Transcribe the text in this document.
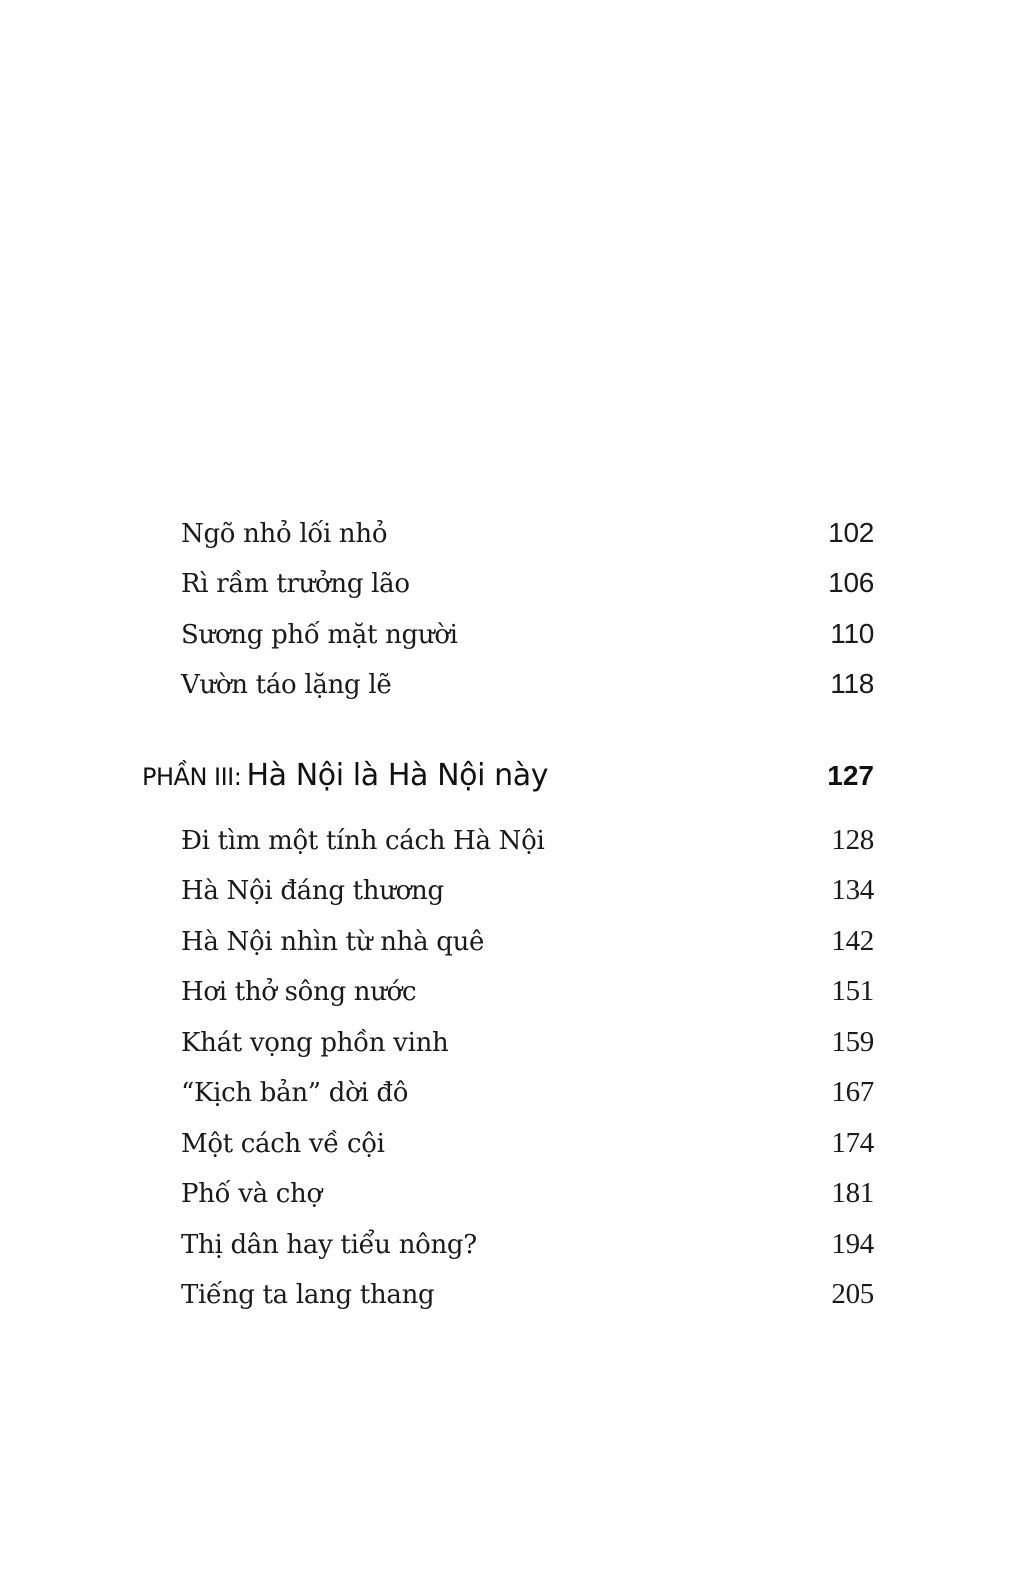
Ngõ nhỏ lối nhỏ	102
Rì rầm trưởng lão	106
Sương phố mặt người	110
Vườn táo lặng lẽ	118
PHẦN III: Hà Nội là Hà Nội này	127
Đi tìm một tính cách Hà Nội	128
Hà Nội đáng thương	134
Hà Nội nhìn từ nhà quê	142
Hơi thở sông nước	151
Khát vọng phồn vinh	159
“Kịch bản” dời đô	167
Một cách về cội	174
Phố và chợ	181
Thị dân hay tiểu nông?	194
Tiếng ta lang thang	205
